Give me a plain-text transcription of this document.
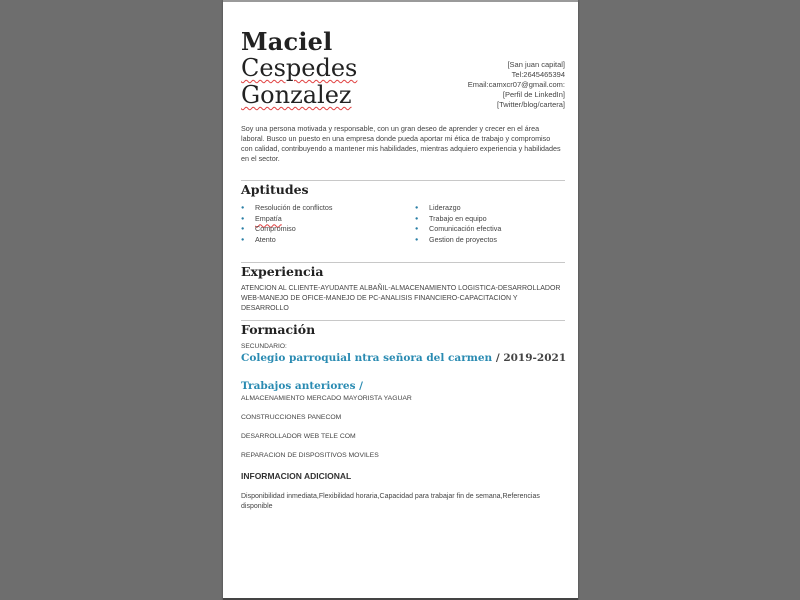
Maciel
Cespedes
Gonzalez
[San juan capital]
Tel:2645465394
Email:camxcr07@gmail.com:
[Perfil de LinkedIn]
[Twitter/blog/cartera]
Soy una persona motivada y responsable, con un gran deseo de aprender y crecer en el área laboral. Busco un puesto en una empresa donde pueda aportar mi ética de trabajo y compromiso con calidad, contribuyendo a mantener mis habilidades, mientras adquiero experiencia y habilidades en el sector.
Aptitudes
● Resolución de conflictos
● Empatía
● Compromiso
● Atento
● Liderazgo
● Trabajo en equipo
● Comunicación efectiva
● Gestion de proyectos
Experiencia
ATENCION AL CLIENTE-AYUDANTE ALBAÑIL-ALMACENAMIENTO LOGISTICA-DESARROLLADOR WEB-MANEJO DE OFICE-MANEJO DE PC-ANALISIS FINANCIERO-CAPACITACION Y DESARROLLO
Formación
SECUNDARIO:
Colegio parroquial ntra señora del carmen / 2019-2021
Trabajos anteriores /
ALMACENAMIENTO MERCADO MAYORISTA YAGUAR
CONSTRUCCIONES PANECOM
DESARROLLADOR WEB TELE COM
REPARACION DE DISPOSITIVOS MOVILES
INFORMACION ADICIONAL
Disponibilidad inmediata,Flexibilidad horaria,Capacidad para trabajar fin de semana,Referencias disponible
